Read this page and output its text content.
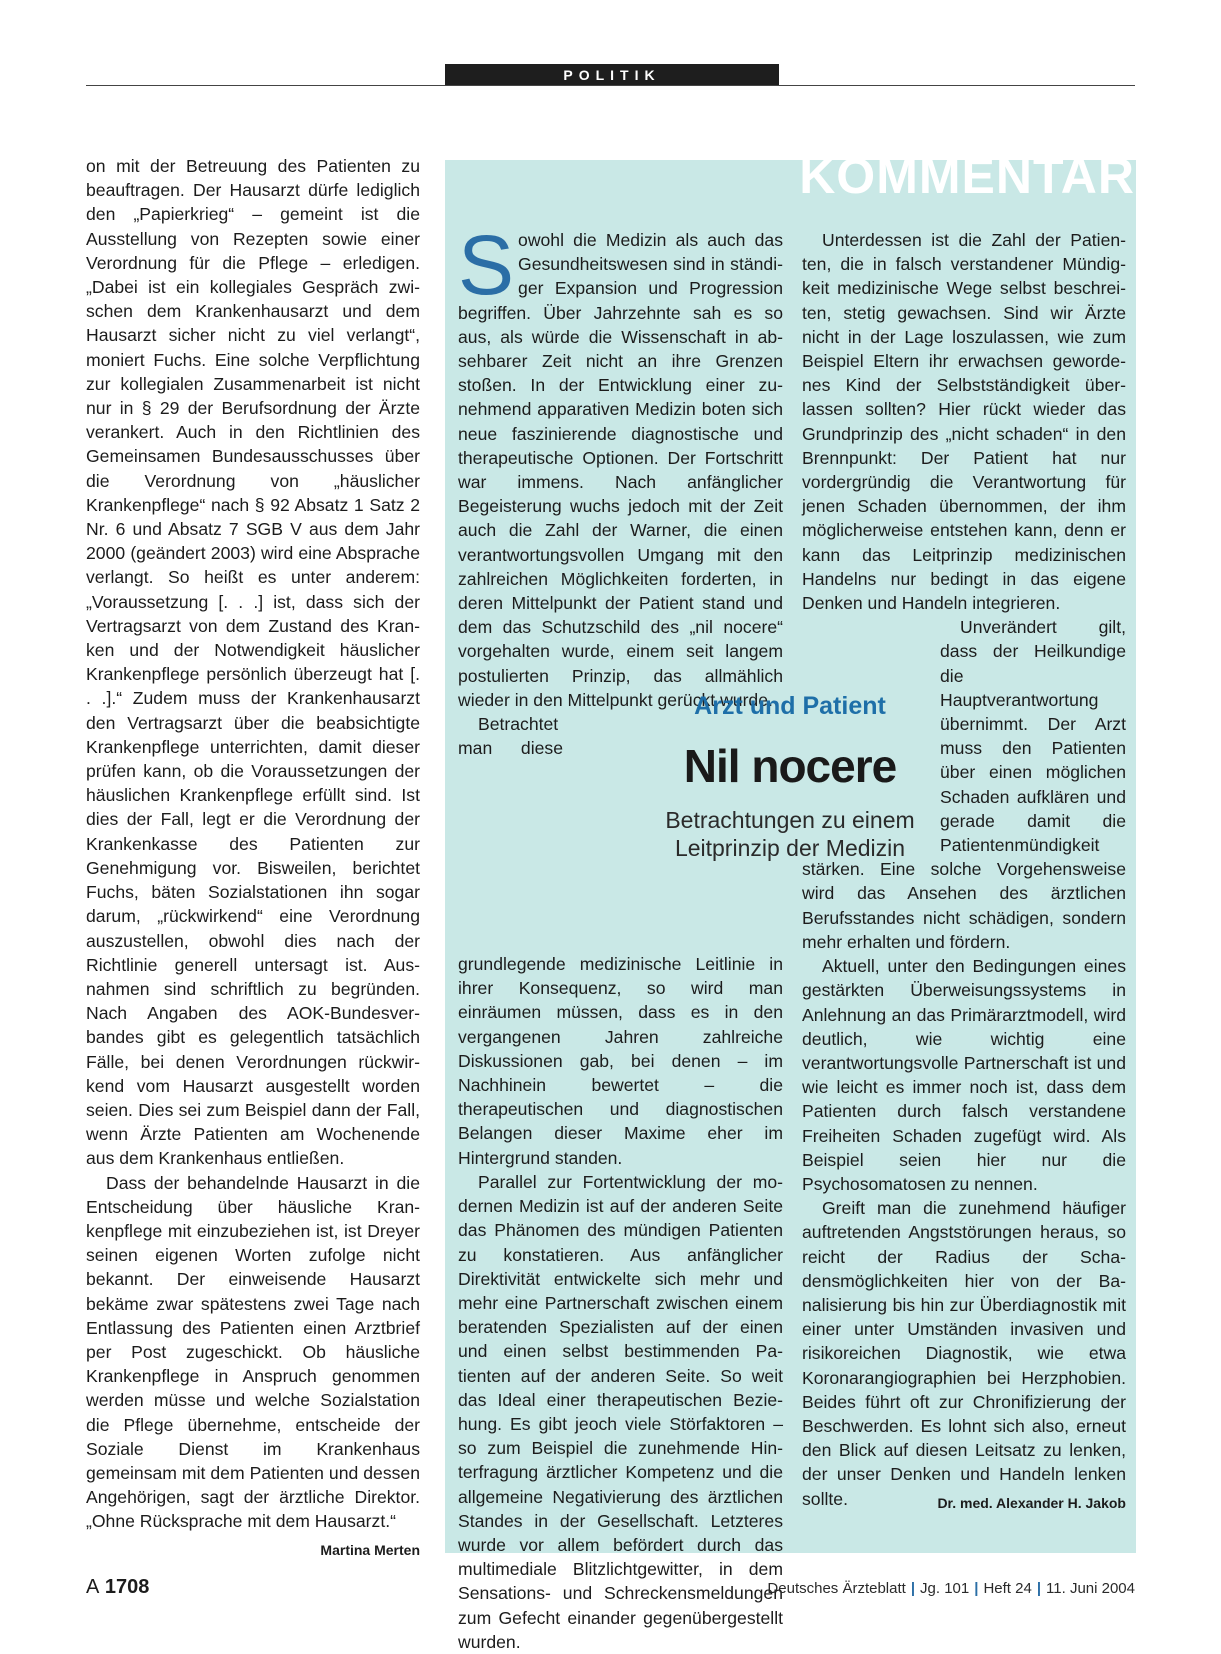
POLITIK

on mit der Betreuung des Patienten zu beauftragen. Der Hausarzt dürfe lediglich den „Papierkrieg“ – gemeint ist die Ausstellung von Rezepten sowie einer Verordnung für die Pflege – erledigen. „Dabei ist ein kollegiales Gespräch zwischen dem Krankenhausarzt und dem Hausarzt sicher nicht zu viel verlangt“, moniert Fuchs. Eine solche Verpflichtung zur kollegialen Zusammenarbeit ist nicht nur in § 29 der Berufsordnung der Ärzte verankert. Auch in den Richtlinien des Gemeinsamen Bundesausschusses über die Verordnung von „häuslicher Krankenpflege“ nach § 92 Absatz 1 Satz 2 Nr. 6 und Absatz 7 SGB V aus dem Jahr 2000 (geändert 2003) wird eine Absprache verlangt. So heißt es unter anderem: „Voraussetzung [. . .] ist, dass sich der Vertragsarzt von dem Zustand des Kranken und der Notwendigkeit häuslicher Krankenpflege persönlich überzeugt hat [. . .].“ Zudem muss der Krankenhausarzt den Vertragsarzt über die beabsichtigte Krankenpflege unterrichten, damit dieser prüfen kann, ob die Voraussetzungen der häuslichen Krankenpflege erfüllt sind. Ist dies der Fall, legt er die Verordnung der Krankenkasse des Patienten zur Genehmigung vor. Bisweilen, berichtet Fuchs, bäten Sozialstationen ihn sogar darum, „rückwirkend“ eine Verordnung auszustellen, obwohl dies nach der Richtlinie generell untersagt ist. Ausnahmen sind schriftlich zu begründen. Nach Angaben des AOK-Bundesverbandes gibt es gelegentlich tatsächlich Fälle, bei denen Verordnungen rückwirkend vom Hausarzt ausgestellt worden seien. Dies sei zum Beispiel dann der Fall, wenn Ärzte Patienten am Wochenende aus dem Krankenhaus entließen.

Dass der behandelnde Hausarzt in die Entscheidung über häusliche Krankenpflege mit einzubeziehen ist, ist Dreyer seinen eigenen Worten zufolge nicht bekannt. Der einweisende Hausarzt bekäme zwar spätestens zwei Tage nach Entlassung des Patienten einen Arztbrief per Post zugeschickt. Ob häusliche Krankenpflege in Anspruch genommen werden müsse und welche Sozialstation die Pflege übernehme, entscheide der Soziale Dienst im Krankenhaus gemeinsam mit dem Patienten und dessen Angehörigen, sagt der ärztliche Direktor. „Ohne Rücksprache mit dem Hausarzt.“
Martina Merten

KOMMENTAR

Sowohl die Medizin als auch das Gesundheitswesen sind in ständiger Expansion und Progression begriffen. Über Jahrzehnte sah es so aus, als würde die Wissenschaft in absehbarer Zeit nicht an ihre Grenzen stoßen. In der Entwicklung einer zunehmend apparativen Medizin boten sich neue faszinierende diagnostische und therapeutische Optionen. Der Fortschritt war immens. Nach anfänglicher Begeisterung wuchs jedoch mit der Zeit auch die Zahl der Warner, die einen verantwortungsvollen Umgang mit den zahlreichen Möglichkeiten forderten, in deren Mittelpunkt der Patient stand und dem das Schutzschild des „nil nocere“ vorgehalten wurde, einem seit langem postulierten Prinzip, das allmählich wieder in den Mittelpunkt gerückt wurde.

Betrachtet man diese grundlegende medizinische Leitlinie in ihrer Konsequenz, so wird man einräumen müssen, dass es in den vergangenen Jahren zahlreiche Diskussionen gab, bei denen – im Nachhinein bewertet – die therapeutischen und diagnostischen Belangen dieser Maxime eher im Hintergrund standen.

Parallel zur Fortentwicklung der modernen Medizin ist auf der anderen Seite das Phänomen des mündigen Patienten zu konstatieren. Aus anfänglicher Direktivität entwickelte sich mehr und mehr eine Partnerschaft zwischen einem beratenden Spezialisten auf der einen und einen selbst bestimmenden Patienten auf der anderen Seite. So weit das Ideal einer therapeutischen Beziehung. Es gibt jeoch viele Störfaktoren – so zum Beispiel die zunehmende Hinterfragung ärztlicher Kompetenz und die allgemeine Negativierung des ärztlichen Standes in der Gesellschaft. Letzteres wurde vor allem befördert durch das multimediale Blitzlichtgewitter, in dem Sensations- und Schreckensmeldungen zum Gefecht einander gegenübergestellt wurden.

Unterdessen ist die Zahl der Patienten, die in falsch verstandener Mündigkeit medizinische Wege selbst beschreiten, stetig gewachsen. Sind wir Ärzte nicht in der Lage loszulassen, wie zum Beispiel Eltern ihr erwachsen gewordenes Kind der Selbstständigkeit überlassen sollten? Hier rückt wieder das Grundprinzip des „nicht schaden“ in den Brennpunkt: Der Patient hat nur vordergründig die Verantwortung für jenen Schaden übernommen, der ihm möglicherweise entstehen kann, denn er kann das Leitprinzip medizinischen Handelns nur bedingt in das eigene Denken und Handeln integrieren.

Unverändert gilt, dass der Heilkundige die Hauptverantwortung übernimmt. Der Arzt muss den Patienten über einen möglichen Schaden aufklären und gerade damit die Patientenmündigkeit stärken. Eine solche Vorgehensweise wird das Ansehen des ärztlichen Berufsstandes nicht schädigen, sondern mehr erhalten und fördern.

Aktuell, unter den Bedingungen eines gestärkten Überweisungssystems in Anlehnung an das Primärarztmodell, wird deutlich, wie wichtig eine verantwortungsvolle Partnerschaft ist und wie leicht es immer noch ist, dass dem Patienten durch falsch verstandene Freiheiten Schaden zugefügt wird. Als Beispiel seien hier nur die Psychosomatosen zu nennen.

Greift man die zunehmend häufiger auftretenden Angststörungen heraus, so reicht der Radius der Schadensmöglichkeiten hier von der Banalisierung bis hin zur Überdiagnostik mit einer unter Umständen invasiven und risikoreichen Diagnostik, wie etwa Koronarangiographien bei Herzphobien. Beides führt oft zur Chronifizierung der Beschwerden. Es lohnt sich also, erneut den Blick auf diesen Leitsatz zu lenken, der unser Denken und Handeln lenken sollte.	Dr. med. Alexander H. Jakob

Arzt und Patient
Nil nocere
Betrachtungen zu einem Leitprinzip der Medizin
A 1708	Deutsches Ärzteblatt | Jg. 101 | Heft 24 | 11. Juni 2004
